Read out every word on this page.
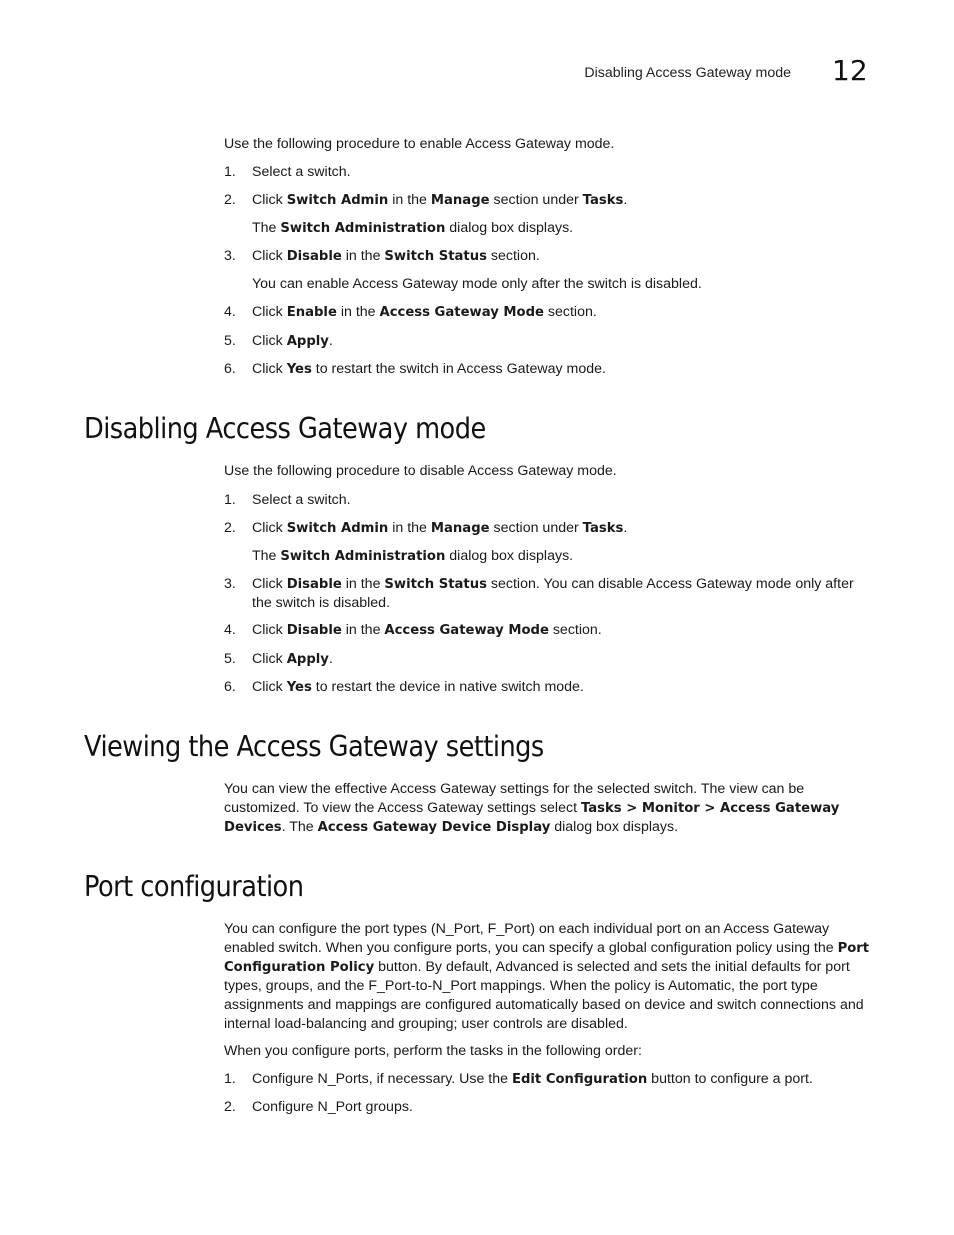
Disabling Access Gateway mode 12

Use the following procedure to enable Access Gateway mode.

1. Select a switch.
2. Click Switch Admin in the Manage section under Tasks.
The Switch Administration dialog box displays.
3. Click Disable in the Switch Status section.
You can enable Access Gateway mode only after the switch is disabled.
4. Click Enable in the Access Gateway Mode section.
5. Click Apply.
6. Click Yes to restart the switch in Access Gateway mode.
Disabling Access Gateway mode

Use the following procedure to disable Access Gateway mode.

1. Select a switch.
2. Click Switch Admin in the Manage section under Tasks.
The Switch Administration dialog box displays.
3. Click Disable in the Switch Status section. You can disable Access Gateway mode only after the switch is disabled.
4. Click Disable in the Access Gateway Mode section.
5. Click Apply.
6. Click Yes to restart the device in native switch mode.
Viewing the Access Gateway settings

You can view the effective Access Gateway settings for the selected switch. The view can be customized. To view the Access Gateway settings select Tasks > Monitor > Access Gateway Devices. The Access Gateway Device Display dialog box displays.

Port configuration

You can configure the port types (N_Port, F_Port) on each individual port on an Access Gateway enabled switch. When you configure ports, you can specify a global configuration policy using the Port Configuration Policy button. By default, Advanced is selected and sets the initial defaults for port types, groups, and the F_Port-to-N_Port mappings. When the policy is Automatic, the port type assignments and mappings are configured automatically based on device and switch connections and internal load-balancing and grouping; user controls are disabled.

When you configure ports, perform the tasks in the following order:

1. Configure N_Ports, if necessary. Use the Edit Configuration button to configure a port.
2. Configure N_Port groups.
